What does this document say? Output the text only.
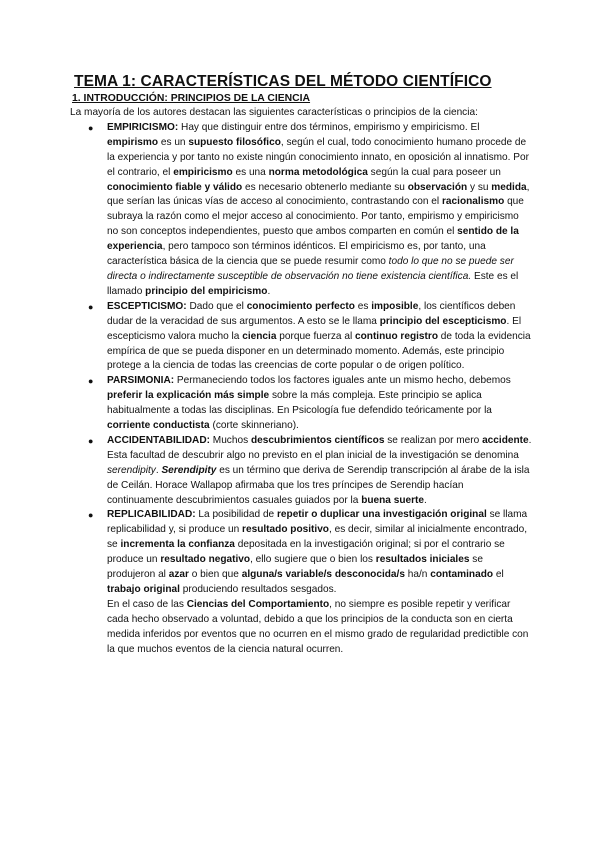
TEMA 1: CARACTERÍSTICAS DEL MÉTODO CIENTÍFICO
1. INTRODUCCIÓN: PRINCIPIOS DE LA CIENCIA

La mayoría de los autores destacan las siguientes características o principios de la ciencia:

● EMPIRICISMO: Hay que distinguir entre dos términos, empirismo y empiricismo. El empirismo es un supuesto filosófico, según el cual, todo conocimiento humano procede de la experiencia y por tanto no existe ningún conocimiento innato, en oposición al innatismo. Por el contrario, el empiricismo es una norma metodológica según la cual para poseer un conocimiento fiable y válido es necesario obtenerlo mediante su observación y su medida, que serían las únicas vías de acceso al conocimiento, contrastando con el racionalismo que subraya la razón como el mejor acceso al conocimiento. Por tanto, empirismo y empiricismo no son conceptos independientes, puesto que ambos comparten en común el sentido de la experiencia, pero tampoco son términos idénticos. El empiricismo es, por tanto, una característica básica de la ciencia que se puede resumir como todo lo que no se puede ser directa o indirectamente susceptible de observación no tiene existencia científica. Este es el llamado principio del empiricismo.
● ESCEPTICISMO: Dado que el conocimiento perfecto es imposible, los científicos deben dudar de la veracidad de sus argumentos. A esto se le llama principio del escepticismo. El escepticismo valora mucho la ciencia porque fuerza al continuo registro de toda la evidencia empírica de que se pueda disponer en un determinado momento. Además, este principio protege a la ciencia de todas las creencias de corte popular o de origen político.
● PARSIMONIA: Permaneciendo todos los factores iguales ante un mismo hecho, debemos preferir la explicación más simple sobre la más compleja. Este principio se aplica habitualmente a todas las disciplinas. En Psicología fue defendido teóricamente por la corriente conductista (corte skinneriano).
● ACCIDENTABILIDAD: Muchos descubrimientos científicos se realizan por mero accidente. Esta facultad de descubrir algo no previsto en el plan inicial de la investigación se denomina serendipity. Serendipity es un término que deriva de Serendip transcripción al árabe de la isla de Ceilán. Horace Wallapop afirmaba que los tres príncipes de Serendip hacían continuamente descubrimientos casuales guiados por la buena suerte.
● REPLICABILIDAD: La posibilidad de repetir o duplicar una investigación original se llama replicabilidad y, si produce un resultado positivo, es decir, similar al inicialmente encontrado, se incrementa la confianza depositada en la investigación original; si por el contrario se produce un resultado negativo, ello sugiere que o bien los resultados iniciales se produjeron al azar o bien que alguna/s variable/s desconocida/s ha/n contaminado el trabajo original produciendo resultados sesgados.
En el caso de las Ciencias del Comportamiento, no siempre es posible repetir y verificar cada hecho observado a voluntad, debido a que los principios de la conducta son en cierta medida inferidos por eventos que no ocurren en el mismo grado de regularidad predictible con la que muchos eventos de la ciencia natural ocurren.
